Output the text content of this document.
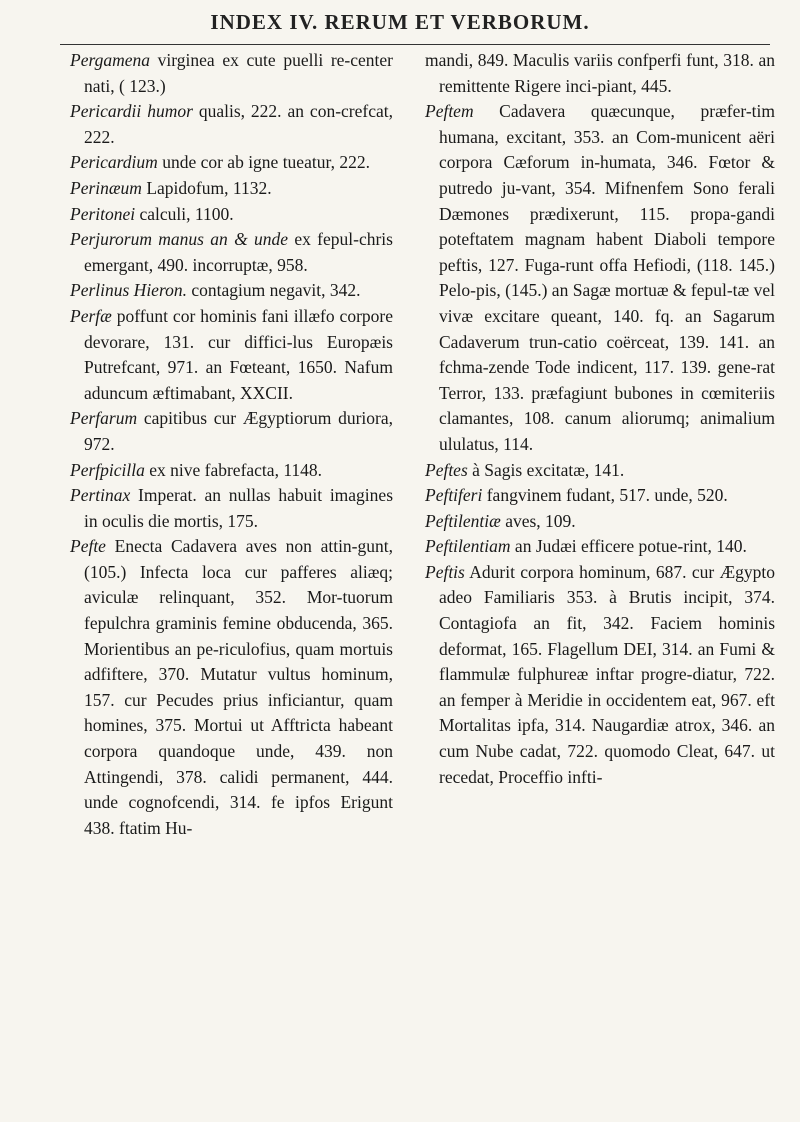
INDEX IV. RERUM ET VERBORUM.

Pergamena virginea ex cute puelli re-center nati, ( 123.)

Pericardii humor qualis, 222. an con-crefcat, 222.

Pericardium unde cor ab igne tueatur, 222.

Perinæum Lapidofum, 1132.

Peritonei calculi, 1100.

Perjurorum manus an & unde ex fepul-chris emergant, 490. incorruptæ, 958.

Perlinus Hieron. contagium negavit, 342.

Perfæ poffunt cor hominis fani illæfo corpore devorare, 131. cur diffici-lus Europæis Putrefcant, 971. an Fœteant, 1650. Nafum aduncum æftimabant, XXCII.

Perfarum capitibus cur Ægyptiorum duriora, 972.

Perfpicilla ex nive fabrefacta, 1148.

Pertinax Imperat. an nullas habuit imagines in oculis die mortis, 175.

Pefte Enecta Cadavera aves non attin-gunt, (105.) Infecta loca cur pafferes aliæq; aviculæ relinquant, 352. Mor-tuorum fepulchra graminis femine obducenda, 365. Morientibus an pe-riculofius, quam mortuis adfiftere, 370. Mutatur vultus hominum, 157. cur Pecudes prius inficiantur, quam homines, 375. Mortui ut Afftricta habeant corpora quandoque unde, 439. non Attingendi, 378. calidi permanent, 444. unde cognofcendi, 314. fe ipfos Erigunt 438. ftatim Hu-

mandi, 849. Maculis variis confperfi funt, 318. an remittente Rigere inci-piant, 445.

Peftem Cadavera quæcunque, præfer-tim humana, excitant, 353. an Com-municent aëri corpora Cæforum in-humata, 346. Fœtor & putredo ju-vant, 354. Mifnenfem Sono ferali Dæmones prædixerunt, 115. propa-gandi poteftatem magnam habent Diaboli tempore peftis, 127. Fuga-runt offa Hefiodi, (118. 145.) Pelo-pis, (145.) an Sagæ mortuæ & fepul-tæ vel vivæ excitare queant, 140. fq. an Sagarum Cadaverum trun-catio coërceat, 139. 141. an fchma-zende Tode indicent, 117. 139. gene-rat Terror, 133. præfagiunt bubones in cœmiteriis clamantes, 108. canum aliorumq; animalium ululatus, 114.

Peftes à Sagis excitatæ, 141.

Peftiferi fangvinem fudant, 517. unde, 520.

Peftilentiæ aves, 109.

Peftilentiam an Judæi efficere potue-rint, 140.

Peftis Adurit corpora hominum, 687. cur Ægypto adeo Familiaris 353. à Brutis incipit, 374. Contagiofa an fit, 342. Faciem hominis deformat, 165. Flagellum DEI, 314. an Fumi & flammulæ fulphureæ inftar progre-diatur, 722. an femper à Meridie in occidentem eat, 967. eft Mortalitas ipfa, 314. Naugardiæ atrox, 346. an cum Nube cadat, 722. quomodo Cleat, 647. ut recedat, Proceffio infti-
